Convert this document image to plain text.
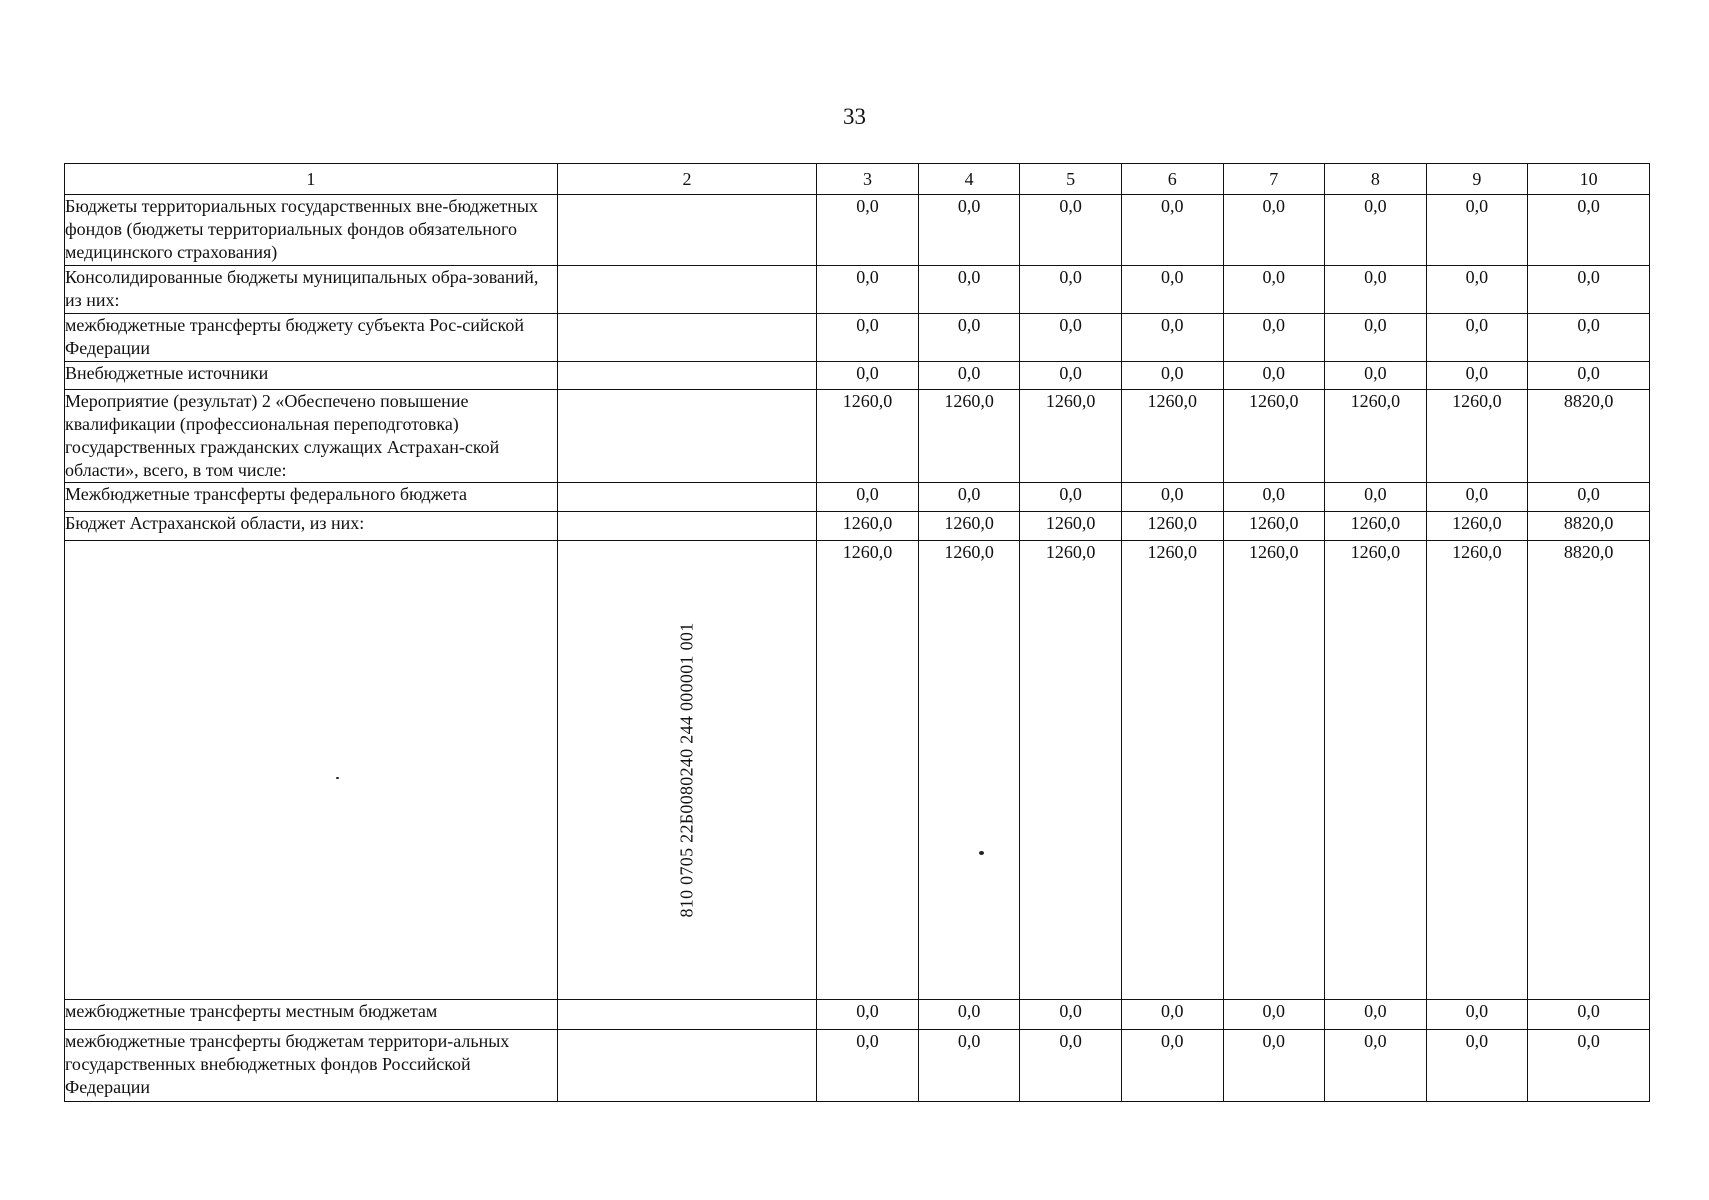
33
1	2	3	4	5	6	7	8	9	10
Бюджеты территориальных государственных вне-бюджетных фондов (бюджеты территориальных фондов обязательного медицинского страхования)		0,0	0,0	0,0	0,0	0,0	0,0	0,0	0,0
Консолидированные бюджеты муниципальных обра-зований, из них:		0,0	0,0	0,0	0,0	0,0	0,0	0,0	0,0
межбюджетные трансферты бюджету субъекта Рос-сийской Федерации		0,0	0,0	0,0	0,0	0,0	0,0	0,0	0,0
Внебюджетные источники		0,0	0,0	0,0	0,0	0,0	0,0	0,0	0,0
Мероприятие (результат) 2 «Обеспечено повышение квалификации (профессиональная переподготовка) государственных гражданских служащих Астрахан-ской области», всего, в том числе:		1260,0	1260,0	1260,0	1260,0	1260,0	1260,0	1260,0	8820,0
Межбюджетные трансферты федерального бюджета		0,0	0,0	0,0	0,0	0,0	0,0	0,0	0,0
Бюджет Астраханской области, из них:		1260,0	1260,0	1260,0	1260,0	1260,0	1260,0	1260,0	8820,0

	810 0705 22Б0080240 244 000001 001	1260,0	1260,0	1260,0	1260,0	1260,0	1260,0	1260,0	8820,0
межбюджетные трансферты местным бюджетам		0,0	0,0	0,0	0,0	0,0	0,0	0,0	0,0
межбюджетные трансферты бюджетам территори-альных государственных внебюджетных фондов Российской Федерации		0,0	0,0	0,0	0,0	0,0	0,0	0,0	0,0
